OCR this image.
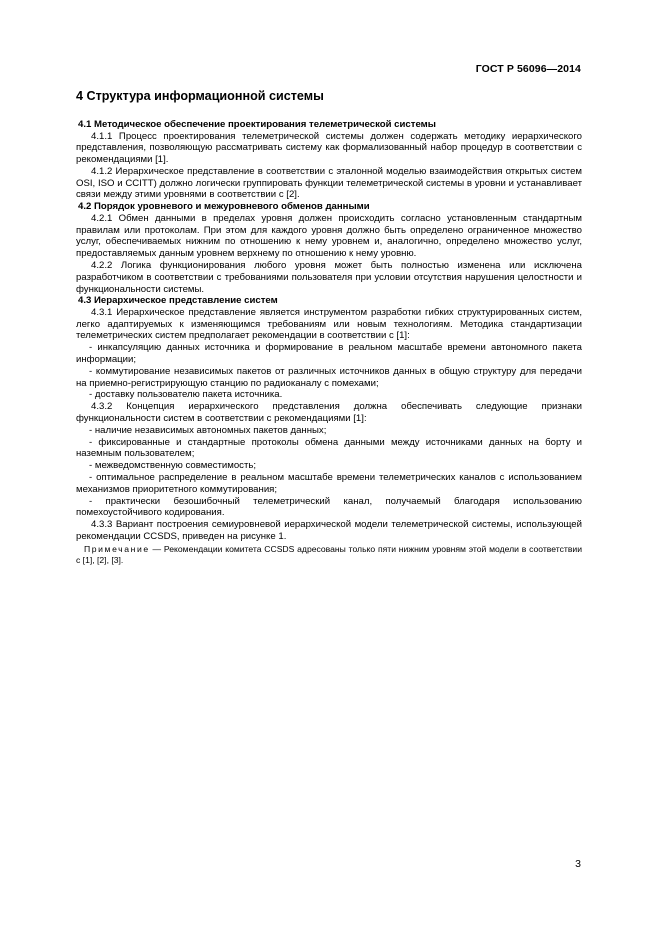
ГОСТ Р 56096—2014
4 Структура информационной системы
4.1 Методическое обеспечение проектирования телеметрической системы

4.1.1 Процесс проектирования телеметрической системы должен содержать методику иерархического представления, позволяющую рассматривать систему как формализованный набор процедур в соответствии с рекомендациями [1].

4.1.2 Иерархическое представление в соответствии с эталонной моделью взаимодействия открытых систем OSI, ISO и CCITT) должно логически группировать функции телеметрической системы в уровни и устанавливает связи между этими уровнями в соответствии с [2].

4.2 Порядок уровневого и межуровневого обменов данными

4.2.1 Обмен данными в пределах уровня должен происходить согласно установленным стандартным правилам или протоколам. При этом для каждого уровня должно быть определено ограниченное множество услуг, обеспечиваемых нижним по отношению к нему уровнем и, аналогично, определено множество услуг, предоставляемых данным уровнем верхнему по отношению к нему уровню.

4.2.2 Логика функционирования любого уровня может быть полностью изменена или исключена разработчиком в соответствии с требованиями пользователя при условии отсутствия нарушения целостности и функциональности системы.

4.3 Иерархическое представление систем

4.3.1 Иерархическое представление является инструментом разработки гибких структурированных систем, легко адаптируемых к изменяющимся требованиям или новым технологиям. Методика стандартизации телеметрических систем предполагает рекомендации в соответствии с [1]:

- инкапсуляцию данных источника и формирование в реальном масштабе времени автономного пакета информации;

- коммутирование независимых пакетов от различных источников данных в общую структуру для передачи на приемно-регистрирующую станцию по радиоканалу с помехами;

- доставку пользователю пакета источника.

4.3.2 Концепция иерархического представления должна обеспечивать следующие признаки функциональности систем в соответствии с рекомендациями [1]:

- наличие независимых автономных пакетов данных;

- фиксированные и стандартные протоколы обмена данными между источниками данных на борту и наземным пользователем;

- межведомственную совместимость;

- оптимальное распределение в реальном масштабе времени телеметрических каналов с использованием механизмов приоритетного коммутирования;

- практически безошибочный телеметрический канал, получаемый благодаря использованию помехоустойчивого кодирования.

4.3.3 Вариант построения семиуровневой иерархической модели телеметрической системы, использующей рекомендации CCSDS, приведен на рисунке 1.

Примечание — Рекомендации комитета CCSDS адресованы только пяти нижним уровням этой модели в соответствии с [1], [2], [3].

3
